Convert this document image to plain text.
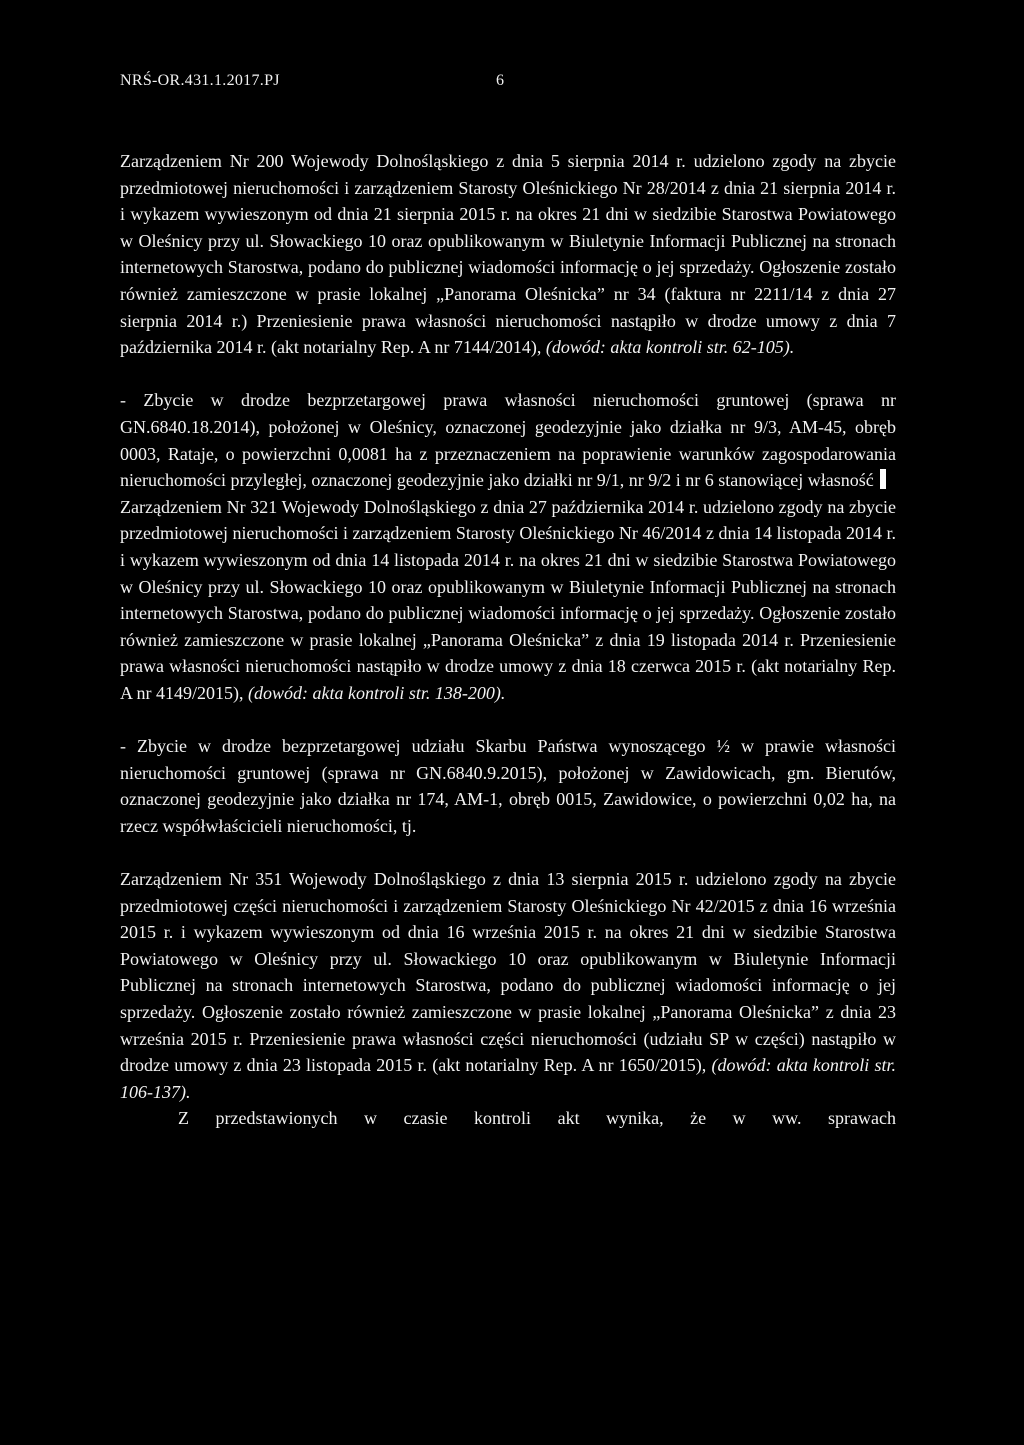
NRŚ-OR.431.1.2017.PJ	6

Zarządzeniem Nr 200 Wojewody Dolnośląskiego z dnia 5 sierpnia 2014 r. udzielono zgody na zbycie przedmiotowej nieruchomości i zarządzeniem Starosty Oleśnickiego Nr 28/2014 z dnia 21 sierpnia 2014 r. i wykazem wywieszonym od dnia 21 sierpnia 2015 r. na okres 21 dni w siedzibie Starostwa Powiatowego w Oleśnicy przy ul. Słowackiego 10 oraz opublikowanym w Biuletynie Informacji Publicznej na stronach internetowych Starostwa, podano do publicznej wiadomości informację o jej sprzedaży. Ogłoszenie zostało również zamieszczone w prasie lokalnej „Panorama Oleśnicka” nr 34 (faktura nr 2211/14 z dnia 27 sierpnia 2014 r.) Przeniesienie prawa własności nieruchomości nastąpiło w drodze umowy z dnia 7 października 2014 r. (akt notarialny Rep. A nr 7144/2014), (dowód: akta kontroli str. 62-105).

- Zbycie w drodze bezprzetargowej prawa własności nieruchomości gruntowej (sprawa nr GN.6840.18.2014), położonej w Oleśnicy, oznaczonej geodezyjnie jako działka nr 9/3, AM-45, obręb 0003, Rataje, o powierzchni 0,0081 ha z przeznaczeniem na poprawienie warunków zagospodarowania nieruchomości przyległej, oznaczonej geodezyjnie jako działki nr 9/1, nr 9/2 i nr 6 stanowiącej własność

Zarządzeniem Nr 321 Wojewody Dolnośląskiego z dnia 27 października 2014 r. udzielono zgody na zbycie przedmiotowej nieruchomości i zarządzeniem Starosty Oleśnickiego Nr 46/2014 z dnia 14 listopada 2014 r. i wykazem wywieszonym od dnia 14 listopada 2014 r. na okres 21 dni w siedzibie Starostwa Powiatowego w Oleśnicy przy ul. Słowackiego 10 oraz opublikowanym w Biuletynie Informacji Publicznej na stronach internetowych Starostwa, podano do publicznej wiadomości informację o jej sprzedaży. Ogłoszenie zostało również zamieszczone w prasie lokalnej „Panorama Oleśnicka” z dnia 19 listopada 2014 r. Przeniesienie prawa własności nieruchomości nastąpiło w drodze umowy z dnia 18 czerwca 2015 r. (akt notarialny Rep. A nr 4149/2015), (dowód: akta kontroli str. 138-200).

- Zbycie w drodze bezprzetargowej udziału Skarbu Państwa wynoszącego ½ w prawie własności nieruchomości gruntowej (sprawa nr GN.6840.9.2015), położonej w Zawidowicach, gm. Bierutów, oznaczonej geodezyjnie jako działka nr 174, AM-1, obręb 0015, Zawidowice, o powierzchni 0,02 ha, na rzecz współwłaścicieli nieruchomości, tj.

Zarządzeniem Nr 351 Wojewody Dolnośląskiego z dnia 13 sierpnia 2015 r. udzielono zgody na zbycie przedmiotowej części nieruchomości i zarządzeniem Starosty Oleśnickiego Nr 42/2015 z dnia 16 września 2015 r. i wykazem wywieszonym od dnia 16 września 2015 r. na okres 21 dni w siedzibie Starostwa Powiatowego w Oleśnicy przy ul. Słowackiego 10 oraz opublikowanym w Biuletynie Informacji Publicznej na stronach internetowych Starostwa, podano do publicznej wiadomości informację o jej sprzedaży. Ogłoszenie zostało również zamieszczone w prasie lokalnej „Panorama Oleśnicka” z dnia 23 września 2015 r. Przeniesienie prawa własności części nieruchomości (udziału SP w części) nastąpiło w drodze umowy z dnia 23 listopada 2015 r. (akt notarialny Rep. A nr 1650/2015), (dowód: akta kontroli str. 106-137).

Z przedstawionych w czasie kontroli akt wynika, że w ww. sprawach
